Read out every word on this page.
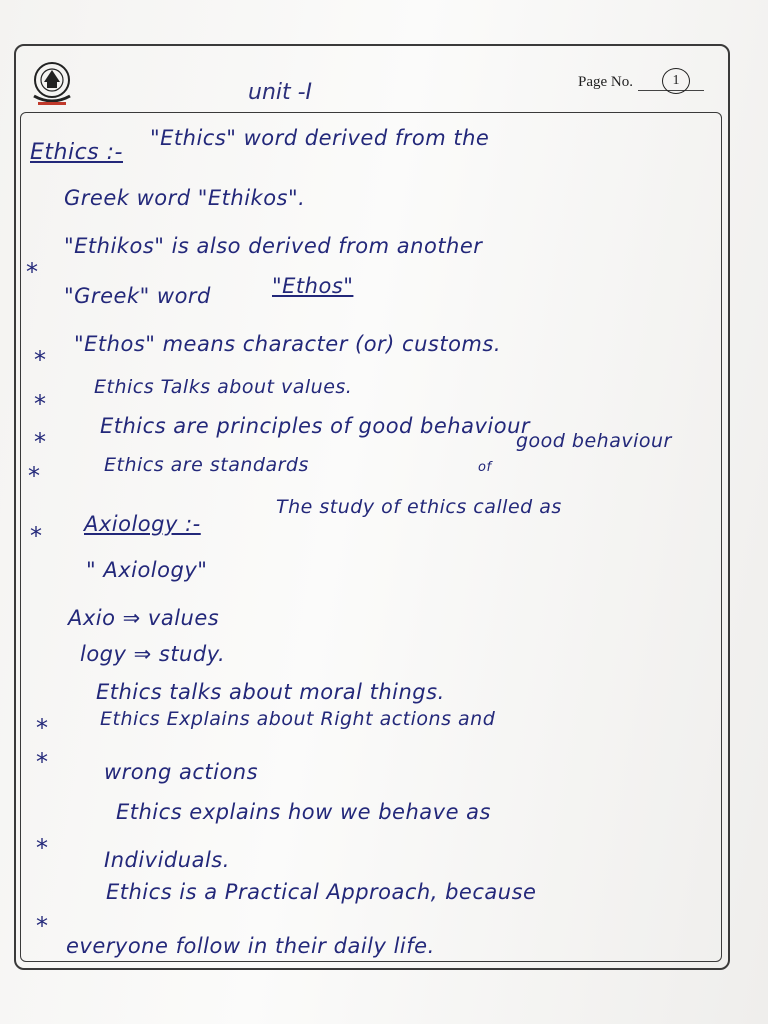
unit -I	Page No.	1
Ethics :-
"Ethics" word derived from the
Greek word "Ethikos".
*
"Ethikos" is also derived from another
"Greek" word	"Ethos"
*
"Ethos" means character (or) customs.
*
Ethics Talks about values.
*
Ethics are principles of good behaviour
*	Ethics are standards	of
good behaviour
* Axiology :-
The study of ethics called as
" Axiology"
Axio ⇒ values
logy ⇒ study.
*
Ethics talks about moral things.
*
Ethics Explains about Right actions and
wrong actions
*
Ethics explains how we behave as
Individuals.
*
Ethics is a Practical Approach, because
everyone follow in their daily life.
